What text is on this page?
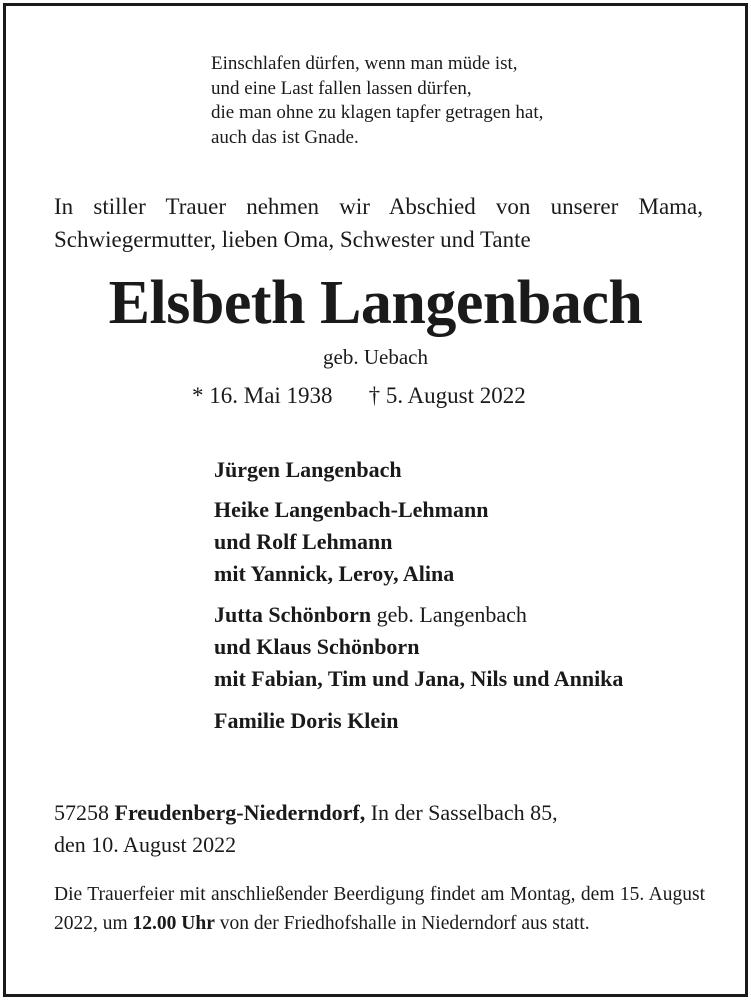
Einschlafen dürfen, wenn man müde ist,
und eine Last fallen lassen dürfen,
die man ohne zu klagen tapfer getragen hat,
auch das ist Gnade.
In stiller Trauer nehmen wir Abschied von unserer Mama,
Schwiegermutter, lieben Oma, Schwester und Tante
Elsbeth Langenbach
geb. Uebach
* 16. Mai 1938 † 5. August 2022
Jürgen Langenbach
Heike Langenbach-Lehmann
und Rolf Lehmann
mit Yannick, Leroy, Alina
Jutta Schönborn geb. Langenbach
und Klaus Schönborn
mit Fabian, Tim und Jana, Nils und Annika
Familie Doris Klein
57258 Freudenberg-Niederndorf, In der Sasselbach 85,
den 10. August 2022
Die Trauerfeier mit anschließender Beerdigung findet am Montag, dem 15. August 2022, um 12.00 Uhr von der Friedhofshalle in Niederndorf aus statt.
